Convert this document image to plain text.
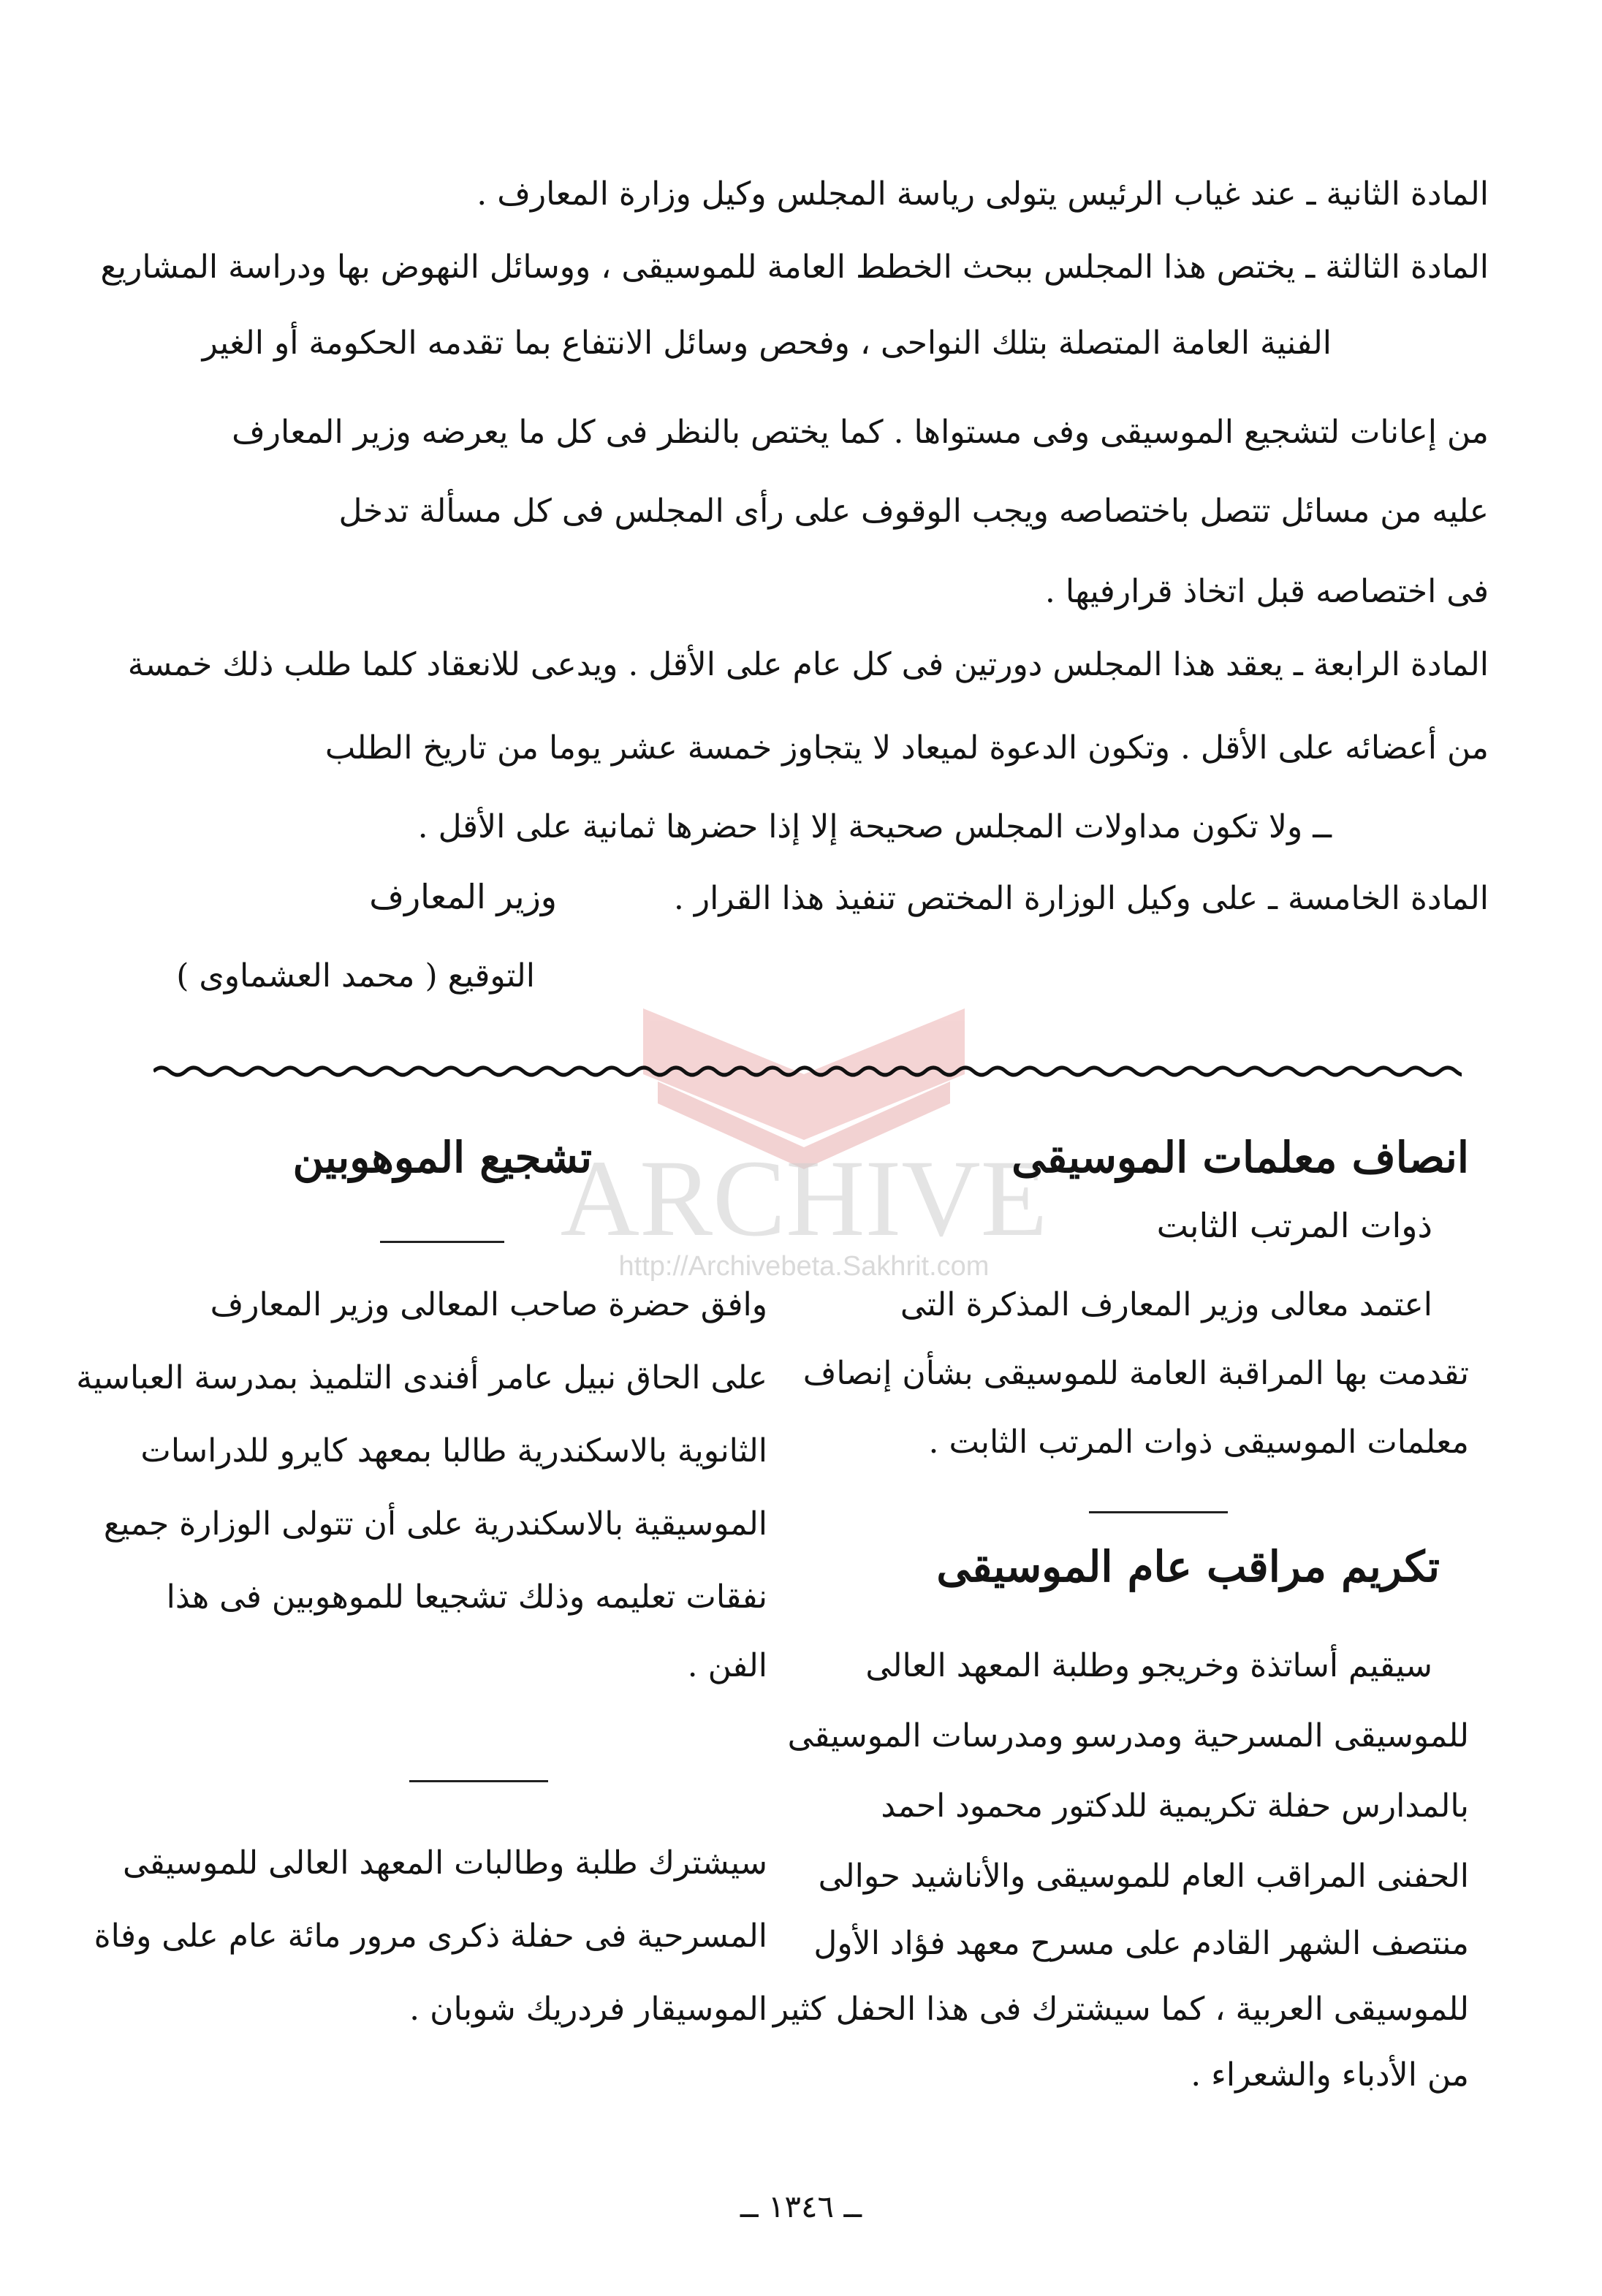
ARCHIVE
http://Archivebeta.Sakhrit.com
المادة الثانية ـ عند غياب الرئيس يتولى رياسة المجلس وكيل وزارة المعارف .
المادة الثالثة ـ يختص هذا المجلس ببحث الخطط العامة للموسيقى ، ووسائل النهوض بها ودراسة المشاريع
الفنية العامة المتصلة بتلك النواحى ، وفحص وسائل الانتفاع بما تقدمه الحكومة أو الغير
من إعانات لتشجيع الموسيقى وفى مستواها . كما يختص بالنظر فى كل ما يعرضه وزير المعارف
عليه من مسائل تتصل باختصاصه ويجب الوقوف على رأى المجلس فى كل مسألة تدخل
فى اختصاصه قبل اتخاذ قرارفيها .
المادة الرابعة ـ يعقد هذا المجلس دورتين فى كل عام على الأقل . ويدعى للانعقاد كلما طلب ذلك خمسة
من أعضائه على الأقل . وتكون الدعوة لميعاد لا يتجاوز خمسة عشر يوما من تاريخ الطلب
ــ ولا تكون مداولات المجلس صحيحة إلا إذا حضرها ثمانية على الأقل .
المادة الخامسة ـ على وكيل الوزارة المختص تنفيذ هذا القرار .
وزير المعارف
التوقيع ( محمد العشماوى )
انصاف معلمات الموسيقى
ذوات المرتب الثابت
اعتمد معالى وزير المعارف المذكرة التى
تقدمت بها المراقبة العامة للموسيقى بشأن إنصاف
معلمات الموسيقى ذوات المرتب الثابت .
تكريم مراقب عام الموسيقى
سيقيم أساتذة وخريجو وطلبة المعهد العالى
للموسيقى المسرحية ومدرسو ومدرسات الموسيقى
بالمدارس حفلة تكريمية للدكتور محمود احمد
الحفنى المراقب العام للموسيقى والأناشيد حوالى
منتصف الشهر القادم على مسرح معهد فؤاد الأول
للموسيقى العربية ، كما سيشترك فى هذا الحفل كثير
من الأدباء والشعراء .
تشجيع الموهوبين
وافق حضرة صاحب المعالى وزير المعارف
على الحاق نبيل عامر أفندى التلميذ بمدرسة العباسية
الثانوية بالاسكندرية طالبا بمعهد كايرو للدراسات
الموسيقية بالاسكندرية على أن تتولى الوزارة جميع
نفقات تعليمه وذلك تشجيعا للموهوبين فى هذا
الفن .
سيشترك طلبة وطالبات المعهد العالى للموسيقى
المسرحية فى حفلة ذكرى مرور مائة عام على وفاة
الموسيقار فردريك شوبان .
ــ ١٣٤٦ ــ
